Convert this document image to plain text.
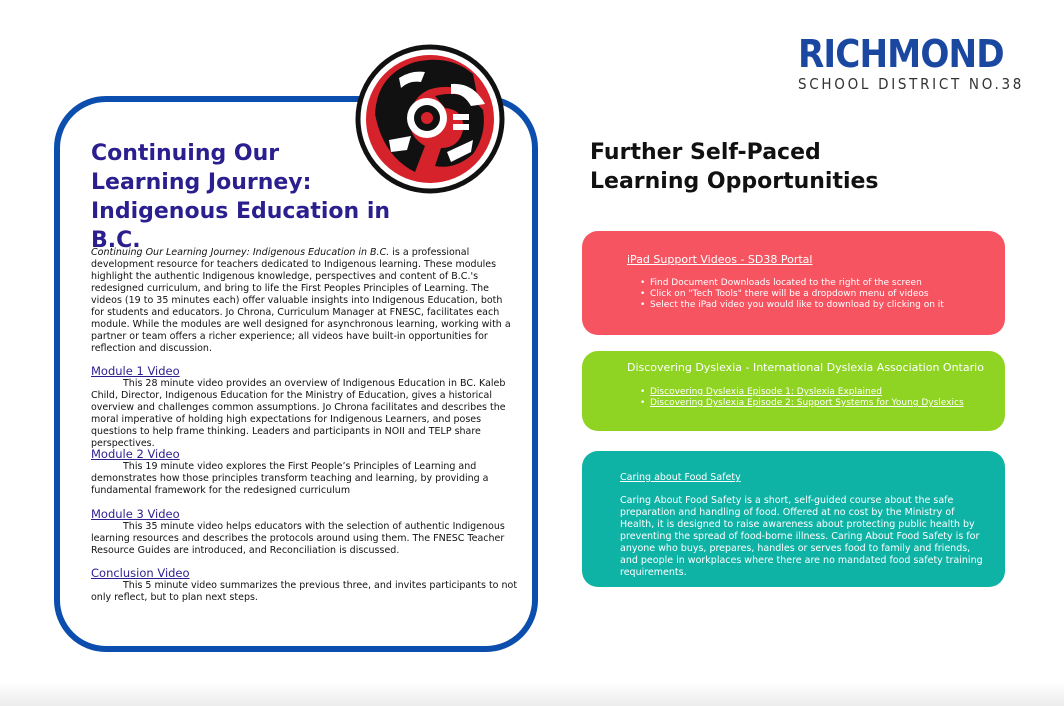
Continuing Our
Learning Journey:
Indigenous Education in B.C.

Continuing Our Learning Journey: Indigenous Education in B.C. is a professional development resource for teachers dedicated to Indigenous learning. These modules highlight the authentic Indigenous knowledge, perspectives and content of B.C.'s redesigned curriculum, and bring to life the First Peoples Principles of Learning. The videos (19 to 35 minutes each) offer valuable insights into Indigenous Education, both for students and educators. Jo Chrona, Curriculum Manager at FNESC, facilitates each module. While the modules are well designed for asynchronous learning, working with a partner or team offers a richer experience; all videos have built-in opportunities for reflection and discussion.

Module 1 Video

This 28 minute video provides an overview of Indigenous Education in BC. Kaleb Child, Director, Indigenous Education for the Ministry of Education, gives a historical overview and challenges common assumptions. Jo Chrona facilitates and describes the moral imperative of holding high expectations for Indigenous Learners, and poses questions to help frame thinking. Leaders and participants in NOII and TELP share perspectives.

Module 2 Video

This 19 minute video explores the First People’s Principles of Learning and demonstrates how those principles transform teaching and learning, by providing a fundamental framework for the redesigned curriculum

Module 3 Video

This 35 minute video helps educators with the selection of authentic Indigenous learning resources and describes the protocols around using them. The FNESC Teacher Resource Guides are introduced, and Reconciliation is discussed.

Conclusion Video

This 5 minute video summarizes the previous three, and invites participants to not only reflect, but to plan next steps.

RICHMOND
SCHOOL DISTRICT NO.38
Further Self-Paced
Learning Opportunities
iPad Support Videos - SD38 Portal
• Find Document Downloads located to the right of the screen
• Click on "Tech Tools" there will be a dropdown menu of videos
• Select the iPad video you would like to download by clicking on it
Discovering Dyslexia - International Dyslexia Association Ontario
• Discovering Dyslexia Episode 1: Dyslexia Explained
• Discovering Dyslexia Episode 2: Support Systems for Young Dyslexics
Caring about Food Safety

Caring About Food Safety is a short, self-guided course about the safe preparation and handling of food. Offered at no cost by the Ministry of Health, it is designed to raise awareness about protecting public health by preventing the spread of food-borne illness. Caring About Food Safety is for anyone who buys, prepares, handles or serves food to family and friends, and people in workplaces where there are no mandated food safety training requirements.
